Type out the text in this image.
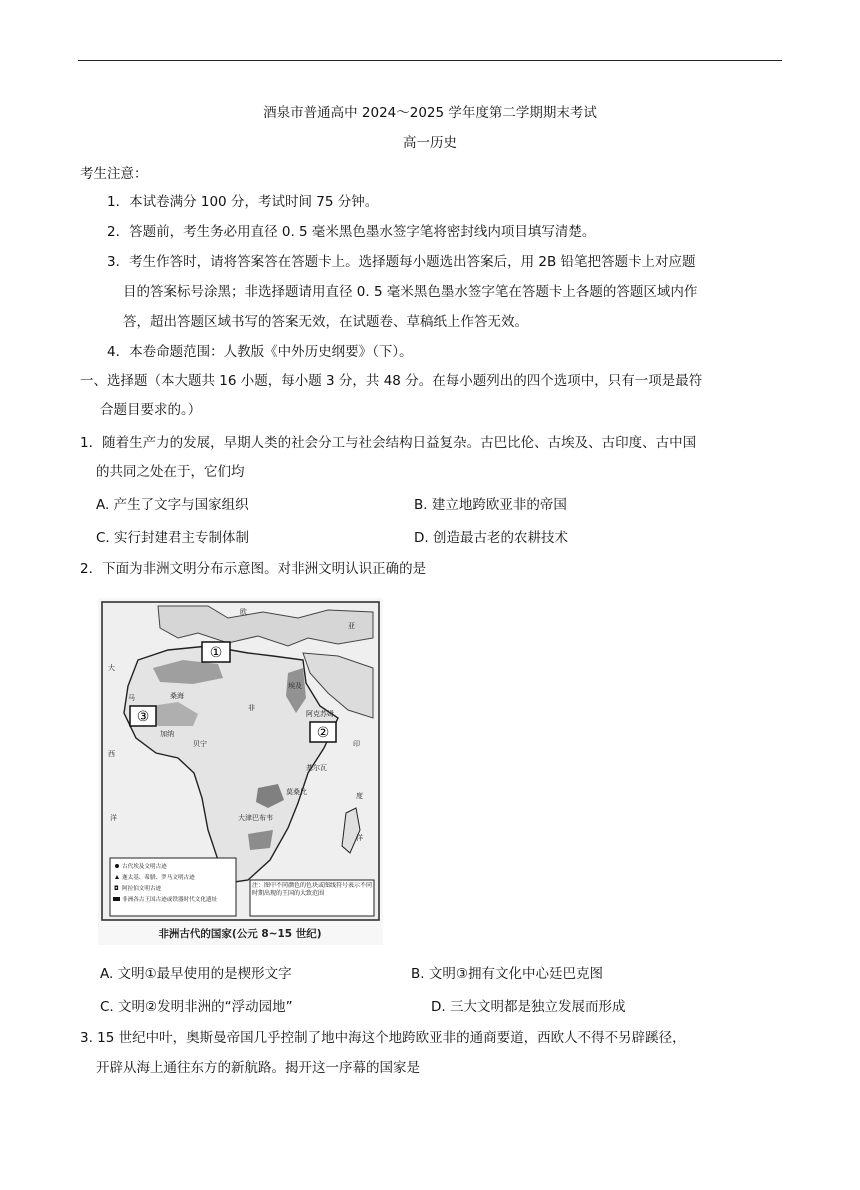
酒泉市普通高中 2024～2025 学年度第二学期期末考试
高一历史
考生注意：
1．本试卷满分 100 分，考试时间 75 分钟。
2．答题前，考生务必用直径 0. 5 毫米黑色墨水签字笔将密封线内项目填写清楚。
3．考生作答时，请将答案答在答题卡上。选择题每小题选出答案后，用 2B 铅笔把答题卡上对应题
目的答案标号涂黑；非选择题请用直径 0. 5 毫米黑色墨水签字笔在答题卡上各题的答题区域内作
答，超出答题区域书写的答案无效，在试题卷、草稿纸上作答无效。
4．本卷命题范围：人教版《中外历史纲要》（下）。
一、选择题（本大题共 16 小题，每小题 3 分，共 48 分。在每小题列出的四个选项中，只有一项是最符
合题目要求的。）
1．随着生产力的发展，早期人类的社会分工与社会结构日益复杂。古巴比伦、古埃及、古印度、古中国
的共同之处在于，它们均
A. 产生了文字与国家组织	B. 建立地跨欧亚非的帝国
C. 实行封建君主专制体制	D. 创造最古老的农耕技术
2．下面为非洲文明分布示意图。对非洲文明认识正确的是
①
③
②
欧
亚
大
西
洋
印
度
洋
非
马	桑海
加纳
贝宁
埃及
阿克苏姆
基尔瓦
莫桑比
大津巴布韦
古代埃及文明古迹
迦太基、希腊、罗马文明古迹
◘ 阿拉伯文明古迹
非洲各古王国古迹或铁器时代文化遗址
注：图中不同颜色的色块或图线符号表示不同时期出现的王国的大致范围
非洲古代的国家(公元 8~15 世纪)
A. 文明①最早使用的是楔形文字	B. 文明③拥有文化中心廷巴克图
C. 文明②发明非洲的“浮动园地”	D. 三大文明都是独立发展而形成
3. 15 世纪中叶，奥斯曼帝国几乎控制了地中海这个地跨欧亚非的通商要道，西欧人不得不另辟蹊径，
开辟从海上通往东方的新航路。揭开这一序幕的国家是
